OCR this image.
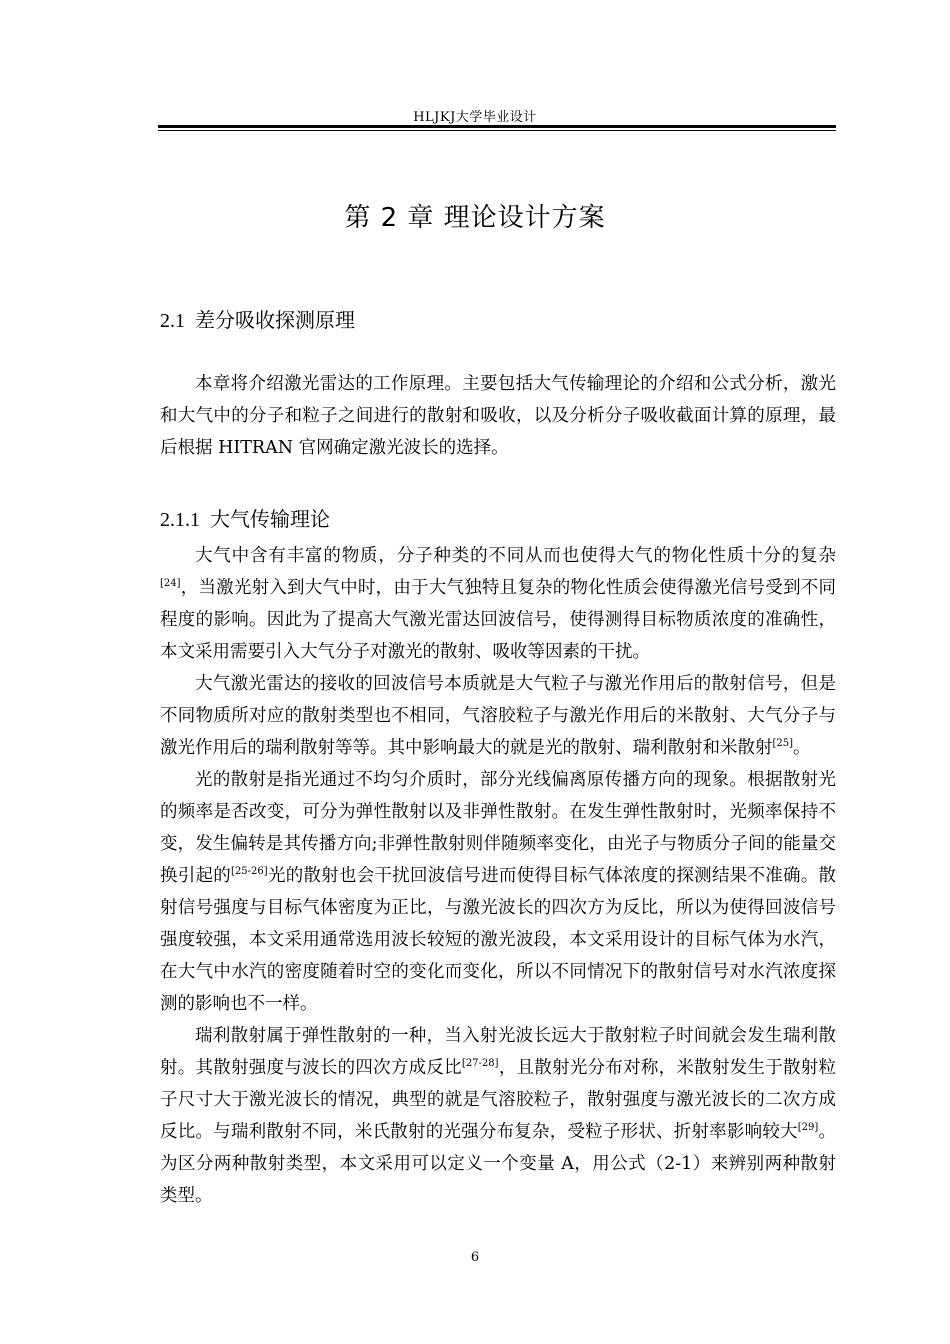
HLJKJ大学毕业设计
第 2 章 理论设计方案
2.1 差分吸收探测原理

本章将介绍激光雷达的工作原理。主要包括大气传输理论的介绍和公式分析，激光和大气中的分子和粒子之间进行的散射和吸收，以及分析分子吸收截面计算的原理，最后根据 HITRAN 官网确定激光波长的选择。

2.1.1 大气传输理论

大气中含有丰富的物质，分子种类的不同从而也使得大气的物化性质十分的复杂[24]，当激光射入到大气中时，由于大气独特且复杂的物化性质会使得激光信号受到不同程度的影响。因此为了提高大气激光雷达回波信号，使得测得目标物质浓度的准确性，本文采用需要引入大气分子对激光的散射、吸收等因素的干扰。

大气激光雷达的接收的回波信号本质就是大气粒子与激光作用后的散射信号，但是不同物质所对应的散射类型也不相同，气溶胶粒子与激光作用后的米散射、大气分子与激光作用后的瑞利散射等等。其中影响最大的就是光的散射、瑞利散射和米散射[25]。

光的散射是指光通过不均匀介质时，部分光线偏离原传播方向的现象。根据散射光的频率是否改变，可分为弹性散射以及非弹性散射。在发生弹性散射时，光频率保持不变，发生偏转是其传播方向;非弹性散射则伴随频率变化，由光子与物质分子间的能量交换引起的[25-26]光的散射也会干扰回波信号进而使得目标气体浓度的探测结果不准确。散射信号强度与目标气体密度为正比，与激光波长的四次方为反比，所以为使得回波信号强度较强，本文采用通常选用波长较短的激光波段，本文采用设计的目标气体为水汽，在大气中水汽的密度随着时空的变化而变化，所以不同情况下的散射信号对水汽浓度探测的影响也不一样。

瑞利散射属于弹性散射的一种，当入射光波长远大于散射粒子时间就会发生瑞利散射。其散射强度与波长的四次方成反比[27-28]，且散射光分布对称，米散射发生于散射粒子尺寸大于激光波长的情况，典型的就是气溶胶粒子，散射强度与激光波长的二次方成反比。与瑞利散射不同，米氏散射的光强分布复杂，受粒子形状、折射率影响较大[29]。为区分两种散射类型，本文采用可以定义一个变量 A，用公式（2-1）来辨别两种散射类型。

6
